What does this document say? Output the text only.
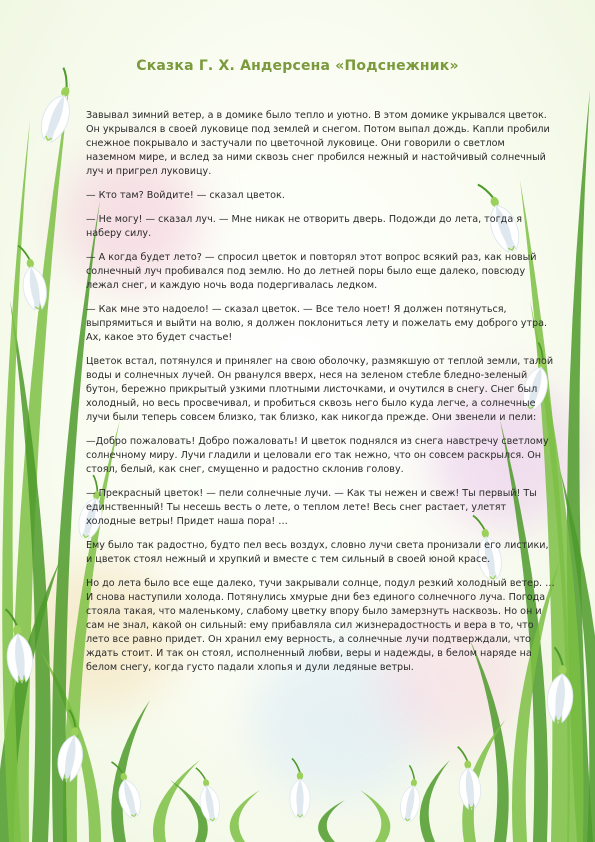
Сказка Г. Х. Андерсена «Подснежник»

Завывал зимний ветер, а в домике было тепло и уютно. В этом домике укрывался цветок. Он укрывался в своей луковице под землей и снегом. Потом выпал дождь. Капли пробили снежное покрывало и застучали по цветочной луковице. Они говорили о светлом наземном мире, и вслед за ними сквозь снег пробился нежный и настойчивый солнечный луч и пригрел луковицу.

— Кто там? Войдите! — сказал цветок.

— Не могу! — сказал луч. — Мне никак не отворить дверь. Подожди до лета, тогда я наберу силу.

— А когда будет лето? — спросил цветок и повторял этот вопрос всякий раз, как новый солнечный луч пробивался под землю. Но до летней поры было еще далеко, повсюду лежал снег, и каждую ночь вода подергивалась ледком.

— Как мне это надоело! — сказал цветок. — Все тело ноет! Я должен потянуться, выпрямиться и выйти на волю, я должен поклониться лету и пожелать ему доброго утра. Ах, какое это будет счастье!

Цветок встал, потянулся и принялег на свою оболочку, размякшую от теплой земли, талой воды и солнечных лучей. Он рванулся вверх, неся на зеленом стебле бледно-зеленый бутон, бережно прикрытый узкими плотными листочками, и очутился в снегу. Снег был холодный, но весь просвечивал, и пробиться сквозь него было куда легче, а солнечные лучи были теперь совсем близко, так близко, как никогда прежде. Они звенели и пели:

—Добро пожаловать! Добро пожаловать! И цветок поднялся из снега навстречу светлому солнечному миру. Лучи гладили и целовали его так нежно, что он совсем раскрылся. Он стоял, белый, как снег, смущенно и радостно склонив голову.

— Прекрасный цветок! — пели солнечные лучи. — Как ты нежен и свеж! Ты первый! Ты единственный! Ты несешь весть о лете, о теплом лете! Весь снег растает, улетят холодные ветры! Придет наша пора! …

Ему было так радостно, будто пел весь воздух, словно лучи света пронизали его листики, и цветок стоял нежный и хрупкий и вместе с тем сильный в своей юной красе.

Но до лета было все еще далеко, тучи закрывали солнце, подул резкий холодный ветер. … И снова наступили холода. Потянулись хмурые дни без единого солнечного луча. Погода стояла такая, что маленькому, слабому цветку впору было замерзнуть насквозь. Но он и сам не знал, какой он сильный: ему прибавляла сил жизнерадостность и вера в то, что лето все равно придет. Он хранил ему верность, а солнечные лучи подтверждали, что ждать стоит. И так он стоял, исполненный любви, веры и надежды, в белом наряде на белом снегу, когда густо падали хлопья и дули ледяные ветры.
